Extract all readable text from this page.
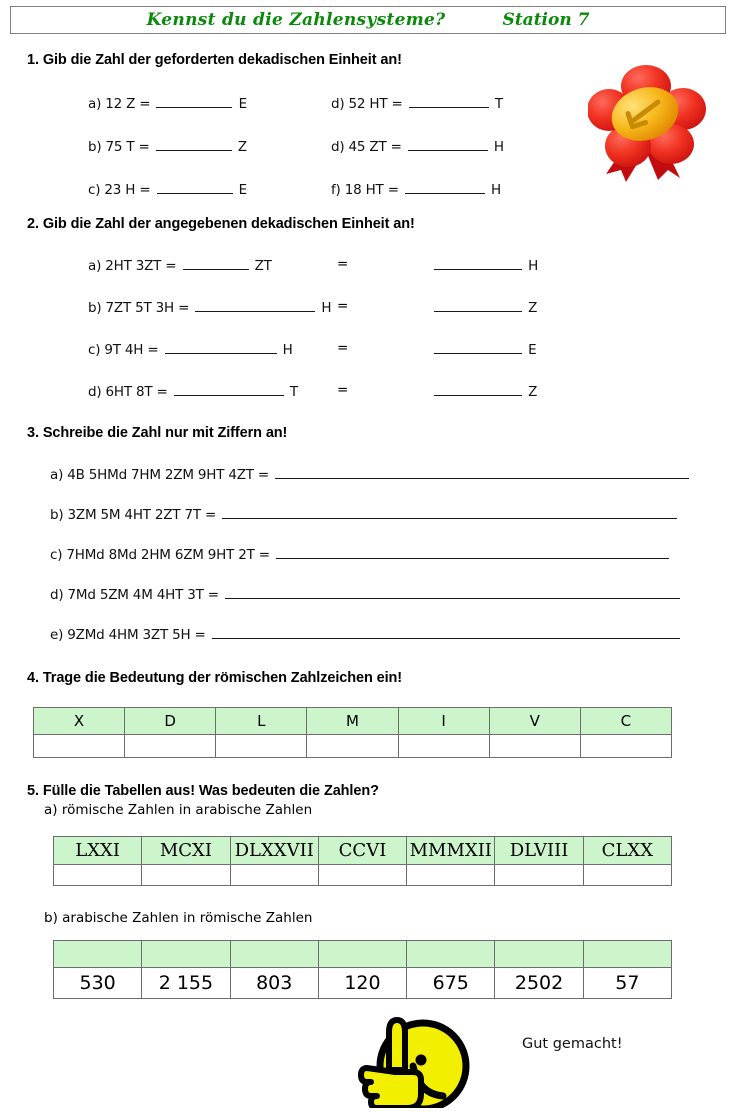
Kennst du die Zahlensysteme?	Station 7
1. Gib die Zahl der geforderten dekadischen Einheit an!
a) 12 Z =	E
b) 75 T =	Z
c) 23 H =	E
d) 52 HT =	T
d) 45 ZT =	H
f) 18 HT =	H
2. Gib die Zahl der angegebenen dekadischen Einheit an!
a) 2HT 3ZT =	ZT	=	H
b) 7ZT 5T 3H =	H =	Z
c) 9T 4H =	H	=	E
d) 6HT 8T =	T	=	Z
3. Schreibe die Zahl nur mit Ziffern an!
a) 4B 5HMd 7HM 2ZM 9HT 4ZT =
b) 3ZM 5M 4HT 2ZT 7T =
c) 7HMd 8Md 2HM 6ZM 9HT 2T =
d) 7Md 5ZM 4M 4HT 3T =
e) 9ZMd 4HM 3ZT 5H =
4. Trage die Bedeutung der römischen Zahlzeichen ein!
X	D	L	M	I	V	C

5. Fülle die Tabellen aus! Was bedeuten die Zahlen?
a) römische Zahlen in arabische Zahlen
LXXI	MCXI	DLXXVII	CCVI	MMMXII	DLVIII	CLXX

b) arabische Zahlen in römische Zahlen

530	2 155	803	120	675	2502	57
Gut gemacht!
